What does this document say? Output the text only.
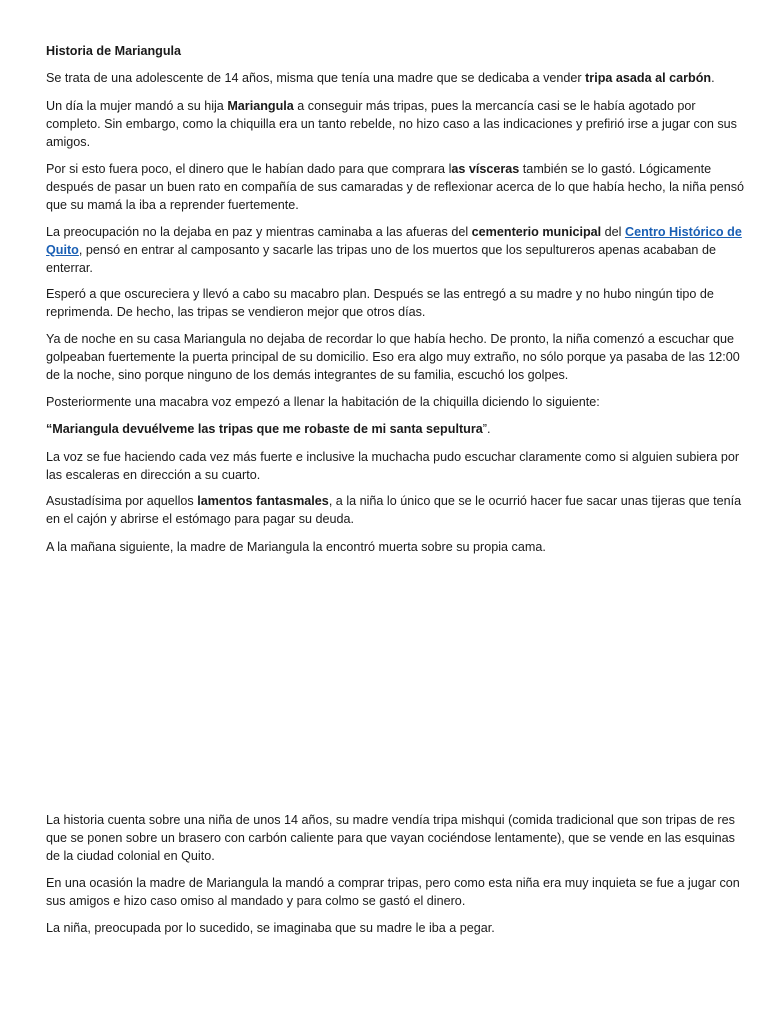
Historia de Mariangula

Se trata de una adolescente de 14 años, misma que tenía una madre que se dedicaba a vender tripa asada al carbón.

Un día la mujer mandó a su hija Mariangula a conseguir más tripas, pues la mercancía casi se le había agotado por completo. Sin embargo, como la chiquilla era un tanto rebelde, no hizo caso a las indicaciones y prefirió irse a jugar con sus amigos.

Por si esto fuera poco, el dinero que le habían dado para que comprara las vísceras también se lo gastó. Lógicamente después de pasar un buen rato en compañía de sus camaradas y de reflexionar acerca de lo que había hecho, la niña pensó que su mamá la iba a reprender fuertemente.

La preocupación no la dejaba en paz y mientras caminaba a las afueras del cementerio municipal del Centro Histórico de Quito, pensó en entrar al camposanto y sacarle las tripas uno de los muertos que los sepultureros apenas acababan de enterrar.

Esperó a que oscureciera y llevó a cabo su macabro plan. Después se las entregó a su madre y no hubo ningún tipo de reprimenda. De hecho, las tripas se vendieron mejor que otros días.

Ya de noche en su casa Mariangula no dejaba de recordar lo que había hecho. De pronto, la niña comenzó a escuchar que golpeaban fuertemente la puerta principal de su domicilio. Eso era algo muy extraño, no sólo porque ya pasaba de las 12:00 de la noche, sino porque ninguno de los demás integrantes de su familia, escuchó los golpes.

Posteriormente una macabra voz empezó a llenar la habitación de la chiquilla diciendo lo siguiente:

“Mariangula devuélveme las tripas que me robaste de mi santa sepultura”.

La voz se fue haciendo cada vez más fuerte e inclusive la muchacha pudo escuchar claramente como si alguien subiera por las escaleras en dirección a su cuarto.

Asustadísima por aquellos lamentos fantasmales, a la niña lo único que se le ocurrió hacer fue sacar unas tijeras que tenía en el cajón y abrirse el estómago para pagar su deuda.

A la mañana siguiente, la madre de Mariangula la encontró muerta sobre su propia cama.

La historia cuenta sobre una niña de unos 14 años, su madre vendía tripa mishqui (comida tradicional que son tripas de res que se ponen sobre un brasero con carbón caliente para que vayan cociéndose lentamente), que se vende en las esquinas de la ciudad colonial en Quito.

En una ocasión la madre de Mariangula la mandó a comprar tripas, pero como esta niña era muy inquieta se fue a jugar con sus amigos e hizo caso omiso al mandado y para colmo se gastó el dinero.

La niña, preocupada por lo sucedido, se imaginaba que su madre le iba a pegar.
